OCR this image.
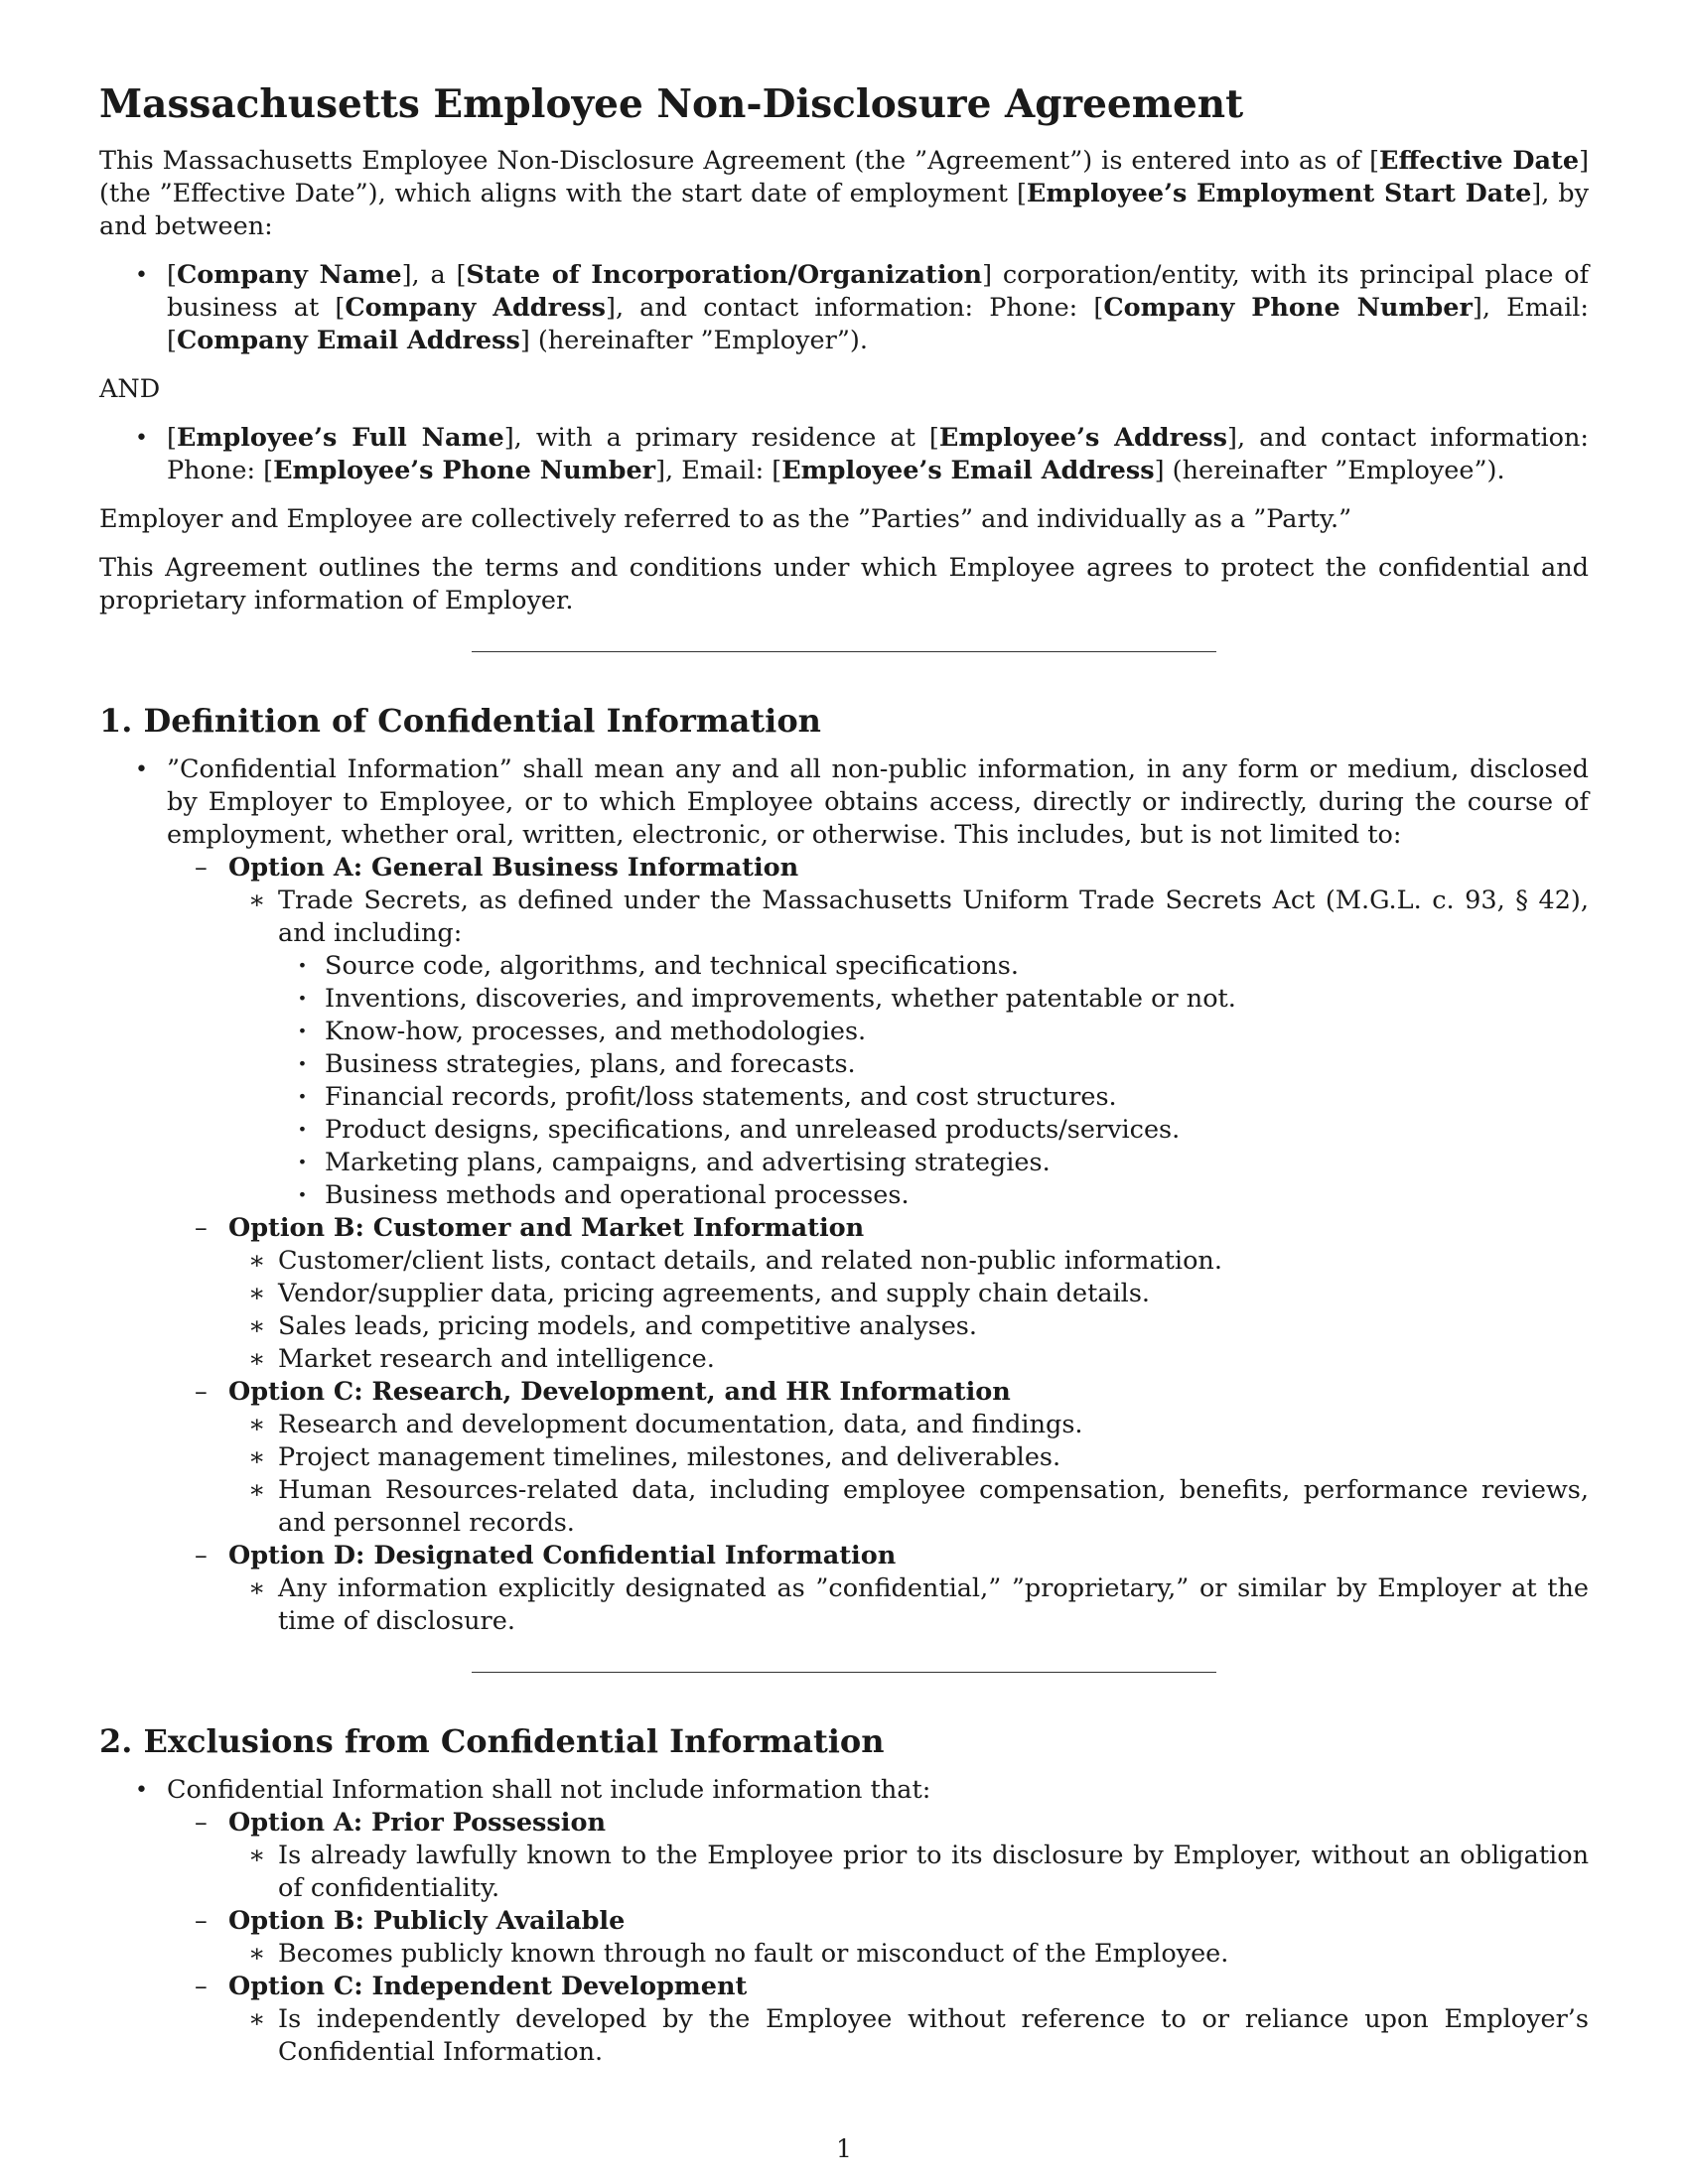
Massachusetts Employee Non-Disclosure Agreement

This Massachusetts Employee Non-Disclosure Agreement (the ”Agreement”) is entered into as of [Effective Date] (the ”Effective Date”), which aligns with the start date of employment [Employee’s Employment Start Date], by and between:

• [Company Name], a [State of Incorporation/Organization] corporation/entity, with its principal place of business at [Company Address], and contact information: Phone: [Company Phone Number], Email: [Company Email Address] (hereinafter ”Employer”).

AND

• [Employee’s Full Name], with a primary residence at [Employee’s Address], and contact information: Phone: [Employee’s Phone Number], Email: [Employee’s Email Address] (hereinafter ”Employee”).

Employer and Employee are collectively referred to as the ”Parties” and individually as a ”Party.”

This Agreement outlines the terms and conditions under which Employee agrees to protect the confidential and proprietary information of Employer.

1. Definition of Confidential Information
• ”Confidential Information” shall mean any and all non-public information, in any form or medium, disclosed by Employer to Employee, or to which Employee obtains access, directly or indirectly, during the course of employment, whether oral, written, electronic, or otherwise. This includes, but is not limited to:
– Option A: General Business Information
∗ Trade Secrets, as defined under the Massachusetts Uniform Trade Secrets Act (M.G.L. c. 93, § 42), and including:
· Source code, algorithms, and technical specifications.
· Inventions, discoveries, and improvements, whether patentable or not.
· Know-how, processes, and methodologies.
· Business strategies, plans, and forecasts.
· Financial records, profit/loss statements, and cost structures.
· Product designs, specifications, and unreleased products/services.
· Marketing plans, campaigns, and advertising strategies.
· Business methods and operational processes.
– Option B: Customer and Market Information
∗ Customer/client lists, contact details, and related non-public information.
∗ Vendor/supplier data, pricing agreements, and supply chain details.
∗ Sales leads, pricing models, and competitive analyses.
∗ Market research and intelligence.
– Option C: Research, Development, and HR Information
∗ Research and development documentation, data, and findings.
∗ Project management timelines, milestones, and deliverables.
∗ Human Resources-related data, including employee compensation, benefits, performance reviews, and personnel records.
– Option D: Designated Confidential Information
∗ Any information explicitly designated as ”confidential,” ”proprietary,” or similar by Employer at the time of disclosure.
2. Exclusions from Confidential Information
• Confidential Information shall not include information that:
– Option A: Prior Possession
∗ Is already lawfully known to the Employee prior to its disclosure by Employer, without an obligation of confidentiality.
– Option B: Publicly Available
∗ Becomes publicly known through no fault or misconduct of the Employee.
– Option C: Independent Development
∗ Is independently developed by the Employee without reference to or reliance upon Employer’s Confidential Information.
1
